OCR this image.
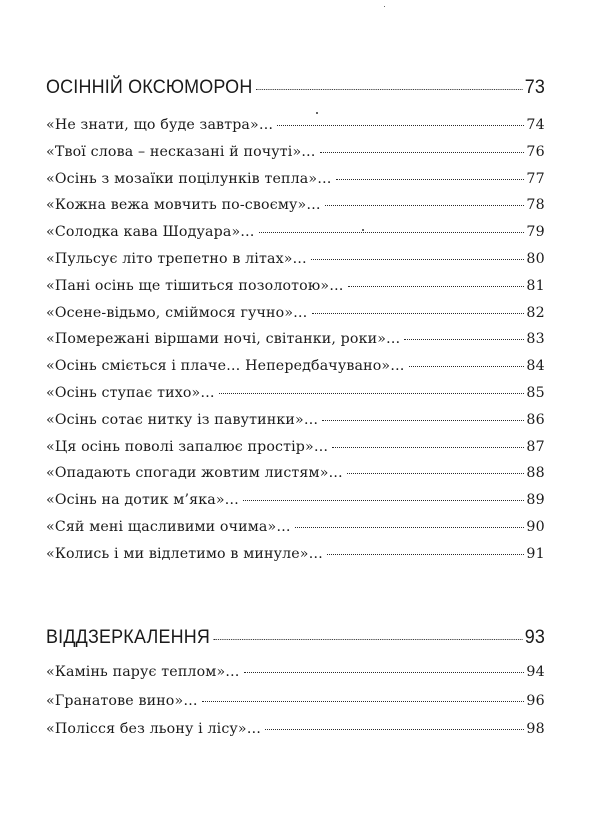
ОСІННІЙ ОКСЮМОРОН	73
«Не знати, що буде завтра»…	74
«Твої слова – несказані й почуті»…	76
«Осінь з мозаїки поцілунків тепла»…	77
«Кожна вежа мовчить по-своєму»…	78
«Солодка кава Шодуара»…	79
«Пульсує літо трепетно в літах»…	80
«Пані осінь ще тішиться позолотою»…	81
«Осене-відьмо, сміймося гучно»…	82
«Помережані віршами ночі, світанки, роки»…	83
«Осінь сміється і плаче… Непередбачувано»…	84
«Осінь ступає тихо»…	85
«Осінь сотає нитку із павутинки»…	86
«Ця осінь поволі запалює простір»…	87
«Опадають спогади жовтим листям»…	88
«Осінь на дотик м’яка»…	89
«Сяй мені щасливими очима»…	90
«Колись і ми відлетимо в минуле»…	91
ВІДДЗЕРКАЛЕННЯ	93
«Камінь парує теплом»…	94
«Гранатове вино»…	96
«Полісся без льону і лісу»…	98
